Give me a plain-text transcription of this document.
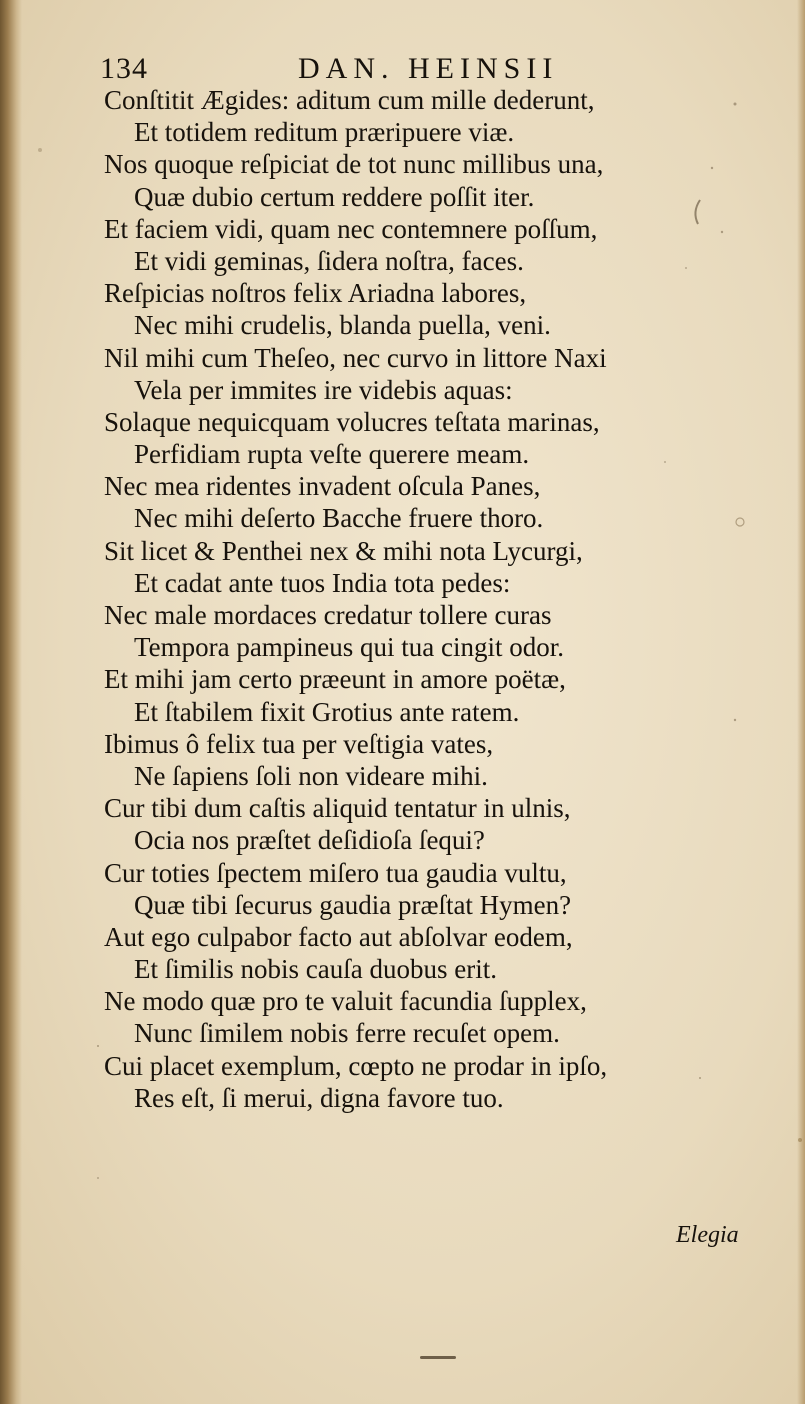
134	DAN. HEINSII
Conſtitit Ægides: aditum cum mille dederunt,
Et totidem reditum præripuere viæ.
Nos quoque reſpiciat de tot nunc millibus una,
Quæ dubio certum reddere poſſit iter.
Et faciem vidi, quam nec contemnere poſſum,
Et vidi geminas, ſidera noſtra, faces.
Reſpicias noſtros felix Ariadna labores,
Nec mihi crudelis, blanda puella, veni.
Nil mihi cum Theſeo, nec curvo in littore Naxi
Vela per immites ire videbis aquas:
Solaque nequicquam volucres teſtata marinas,
Perfidiam rupta veſte querere meam.
Nec mea ridentes invadent oſcula Panes,
Nec mihi deſerto Bacche fruere thoro.
Sit licet & Penthei nex & mihi nota Lycurgi,
Et cadat ante tuos India tota pedes:
Nec male mordaces credatur tollere curas
Tempora pampineus qui tua cingit odor.
Et mihi jam certo præeunt in amore poëtæ,
Et ſtabilem fixit Grotius ante ratem.
Ibimus ô felix tua per veſtigia vates,
Ne ſapiens ſoli non videare mihi.
Cur tibi dum caſtis aliquid tentatur in ulnis,
Ocia nos præſtet deſidioſa ſequi?
Cur toties ſpectem miſero tua gaudia vultu,
Quæ tibi ſecurus gaudia præſtat Hymen?
Aut ego culpabor facto aut abſolvar eodem,
Et ſimilis nobis cauſa duobus erit.
Ne modo quæ pro te valuit facundia ſupplex,
Nunc ſimilem nobis ferre recuſet opem.
Cui placet exemplum, cœpto ne prodar in ipſo,
Res eſt, ſi merui, digna favore tuo.
Elegia
